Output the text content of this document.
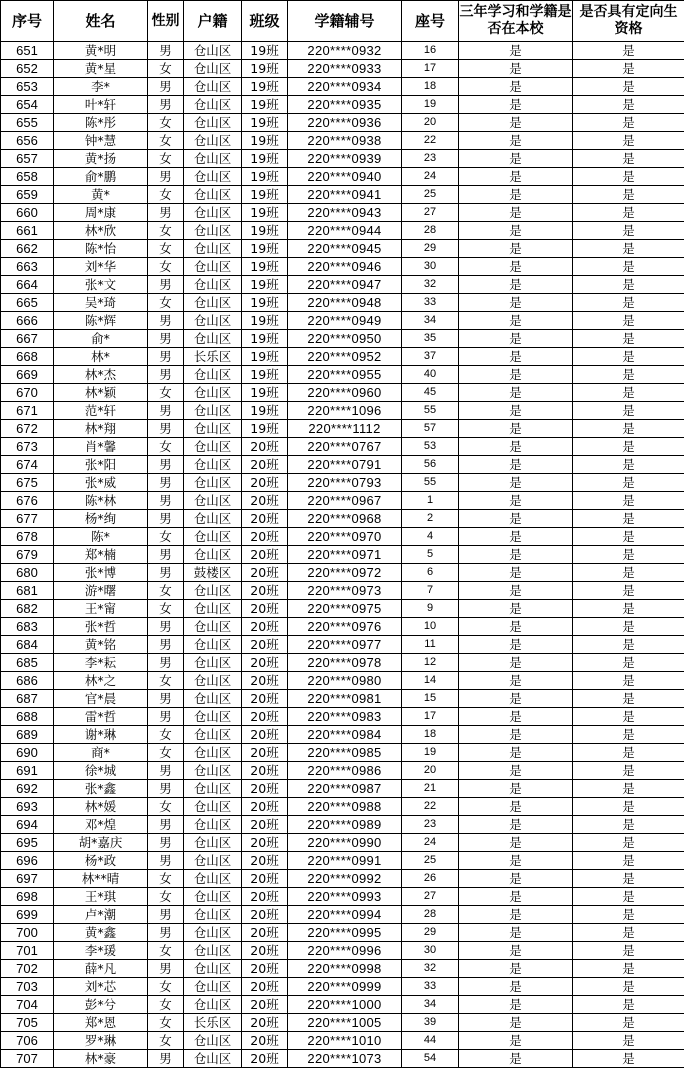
序号	姓名	性别	户籍	班级	学籍辅号	座号	三年学习和学籍是否在本校	是否具有定向生资格
651	黄*明	男	仓山区	19班	220****0932	16	是	是
652	黄*星	女	仓山区	19班	220****0933	17	是	是
653	李*	男	仓山区	19班	220****0934	18	是	是
654	叶*轩	男	仓山区	19班	220****0935	19	是	是
655	陈*彤	女	仓山区	19班	220****0936	20	是	是
656	钟*慧	女	仓山区	19班	220****0938	22	是	是
657	黄*扬	女	仓山区	19班	220****0939	23	是	是
658	俞*鹏	男	仓山区	19班	220****0940	24	是	是
659	黄*	女	仓山区	19班	220****0941	25	是	是
660	周*康	男	仓山区	19班	220****0943	27	是	是
661	林*欣	女	仓山区	19班	220****0944	28	是	是
662	陈*怡	女	仓山区	19班	220****0945	29	是	是
663	刘*华	女	仓山区	19班	220****0946	30	是	是
664	张*文	男	仓山区	19班	220****0947	32	是	是
665	吴*琦	女	仓山区	19班	220****0948	33	是	是
666	陈*辉	男	仓山区	19班	220****0949	34	是	是
667	俞*	男	仓山区	19班	220****0950	35	是	是
668	林*	男	长乐区	19班	220****0952	37	是	是
669	林*杰	男	仓山区	19班	220****0955	40	是	是
670	林*颖	女	仓山区	19班	220****0960	45	是	是
671	范*轩	男	仓山区	19班	220****1096	55	是	是
672	林*翔	男	仓山区	19班	220****1112	57	是	是
673	肖*馨	女	仓山区	20班	220****0767	53	是	是
674	张*阳	男	仓山区	20班	220****0791	56	是	是
675	张*威	男	仓山区	20班	220****0793	55	是	是
676	陈*林	男	仓山区	20班	220****0967	1	是	是
677	杨*绚	男	仓山区	20班	220****0968	2	是	是
678	陈*	女	仓山区	20班	220****0970	4	是	是
679	郑*楠	男	仓山区	20班	220****0971	5	是	是
680	张*博	男	鼓楼区	20班	220****0972	6	是	是
681	游*曙	女	仓山区	20班	220****0973	7	是	是
682	王*甯	女	仓山区	20班	220****0975	9	是	是
683	张*哲	男	仓山区	20班	220****0976	10	是	是
684	黄*铭	男	仓山区	20班	220****0977	11	是	是
685	李*耘	男	仓山区	20班	220****0978	12	是	是
686	林*之	女	仓山区	20班	220****0980	14	是	是
687	官*晨	男	仓山区	20班	220****0981	15	是	是
688	雷*哲	男	仓山区	20班	220****0983	17	是	是
689	谢*琳	女	仓山区	20班	220****0984	18	是	是
690	商*	女	仓山区	20班	220****0985	19	是	是
691	徐*城	男	仓山区	20班	220****0986	20	是	是
692	张*鑫	男	仓山区	20班	220****0987	21	是	是
693	林*媛	女	仓山区	20班	220****0988	22	是	是
694	邓*煌	男	仓山区	20班	220****0989	23	是	是
695	胡*嘉庆	男	仓山区	20班	220****0990	24	是	是
696	杨*政	男	仓山区	20班	220****0991	25	是	是
697	林**晴	女	仓山区	20班	220****0992	26	是	是
698	王*琪	女	仓山区	20班	220****0993	27	是	是
699	卢*潮	男	仓山区	20班	220****0994	28	是	是
700	黄*鑫	男	仓山区	20班	220****0995	29	是	是
701	李*瑗	女	仓山区	20班	220****0996	30	是	是
702	薛*凡	男	仓山区	20班	220****0998	32	是	是
703	刘*芯	女	仓山区	20班	220****0999	33	是	是
704	彭*兮	女	仓山区	20班	220****1000	34	是	是
705	郑*恩	女	长乐区	20班	220****1005	39	是	是
706	罗*琳	女	仓山区	20班	220****1010	44	是	是
707	林*豪	男	仓山区	20班	220****1073	54	是	是
